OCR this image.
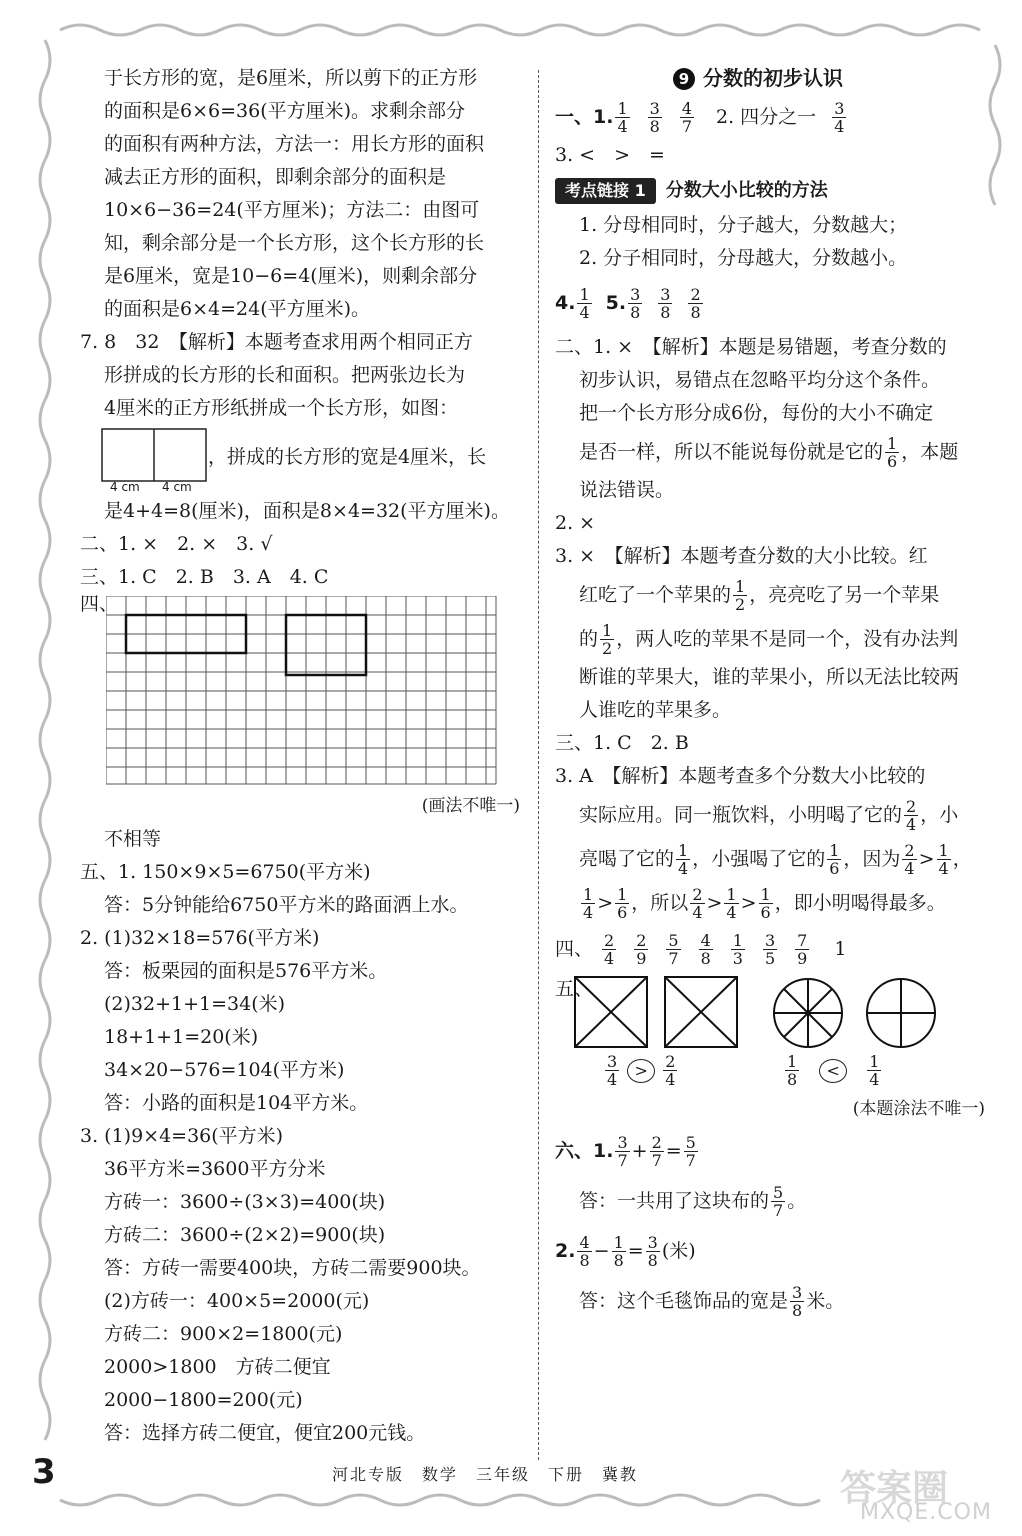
于长方形的宽，是6厘米，所以剪下的正方形
的面积是6×6=36(平方厘米)。求剩余部分
的面积有两种方法，方法一：用长方形的面积
减去正方形的面积，即剩余部分的面积是
10×6−36=24(平方厘米)；方法二：由图可
知，剩余部分是一个长方形，这个长方形的长
是6厘米，宽是10−6=4(厘米)，则剩余部分
的面积是6×4=24(平方厘米)。
7. 8　32　【解析】本题考查求用两个相同正方
形拼成的长方形的长和面积。把两张边长为
4厘米的正方形纸拼成一个长方形，如图：
4 cm 4 cm
，拼成的长方形的宽是4厘米，长
是4+4=8(厘米)，面积是8×4=32(平方厘米)。
二、1. ×　2. ×　3. √
三、1. C　2. B　3. A　4. C
四、
(画法不唯一)
不相等
五、1. 150×9×5=6750(平方米)
答：5分钟能给6750平方米的路面洒上水。
2. (1)32×18=576(平方米)
答：板栗园的面积是576平方米。
(2)32+1+1=34(米)
18+1+1=20(米)
34×20−576=104(平方米)
答：小路的面积是104平方米。
3. (1)9×4=36(平方米)
36平方米=3600平方分米
方砖一：3600÷(3×3)=400(块)
方砖二：3600÷(2×2)=900(块)
答：方砖一需要400块，方砖二需要900块。
(2)方砖一：400×5=2000(元)
方砖二：900×2=1800(元)
2000>1800　方砖二便宜
2000−1800=200(元)
答：选择方砖二便宜，便宜200元钱。
9 分数的初步认识
一、1. $\frac{1}{4} \frac{3}{8} \frac{4}{7} 2$. 四分之一 $\frac{3}{4}$
3. <　>　=
考点链接 1	分数大小比较的方法
1. 分母相同时，分子越大，分数越大；
2. 分子相同时，分母越大，分数越小。
4. $\frac{1}{4} 5$. $\frac{3}{8} \frac{3}{8} \frac{2}{8}$
二、1. ×　【解析】本题是易错题，考查分数的
初步认识，易错点在忽略平均分这个条件。
把一个长方形分成6份，每份的大小不确定
是否一样，所以不能说每份就是它的 $\frac{1}{6}$ ，本题
说法错误。
2. ×
3. ×　【解析】本题考查分数的大小比较。红
红吃了一个苹果的 $\frac{1}{2}$ ，亮亮吃了另一个苹果
的 $\frac{1}{2}$ ，两人吃的苹果不是同一个，没有办法判
断谁的苹果大，谁的苹果小，所以无法比较两
人谁吃的苹果多。
三、1. C　2. B
3. A　【解析】本题考查多个分数大小比较的
实际应用。同一瓶饮料，小明喝了它的 $\frac{2}{4}$ ，小
亮喝了它的 $\frac{1}{4}$ ，小强喝了它的 $\frac{1}{6}$ ，因为 $\frac{2}{4} > \frac{1}{4}$ ，
$\frac{1}{4} > \frac{1}{6}$ ，所以 $\frac{2}{4} > \frac{1}{4} > \frac{1}{6}$ ，即小明喝得最多。
四、 $\frac{2}{4} \frac{2}{9} \frac{5}{7} \frac{4}{8} \frac{1}{3} \frac{3}{5} \frac{7}{9} 1$
五、
$\frac{3}{4} > \frac{2}{4}$	$\frac{1}{8}$	<	$\frac{1}{4}$
(本题涂法不唯一)
六、1. $\frac{3}{7} + \frac{2}{7} = \frac{5}{7}$
答：一共用了这块布的 $\frac{5}{7}$ 。
2. $\frac{4}{8} - \frac{1}{8} = \frac{3}{8}$ (米)
答：这个毛毯饰品的宽是 $\frac{3}{8}$ 米。
3	河北专版　数学　三年级　下册　冀教	答案圈
MXQE.COM
